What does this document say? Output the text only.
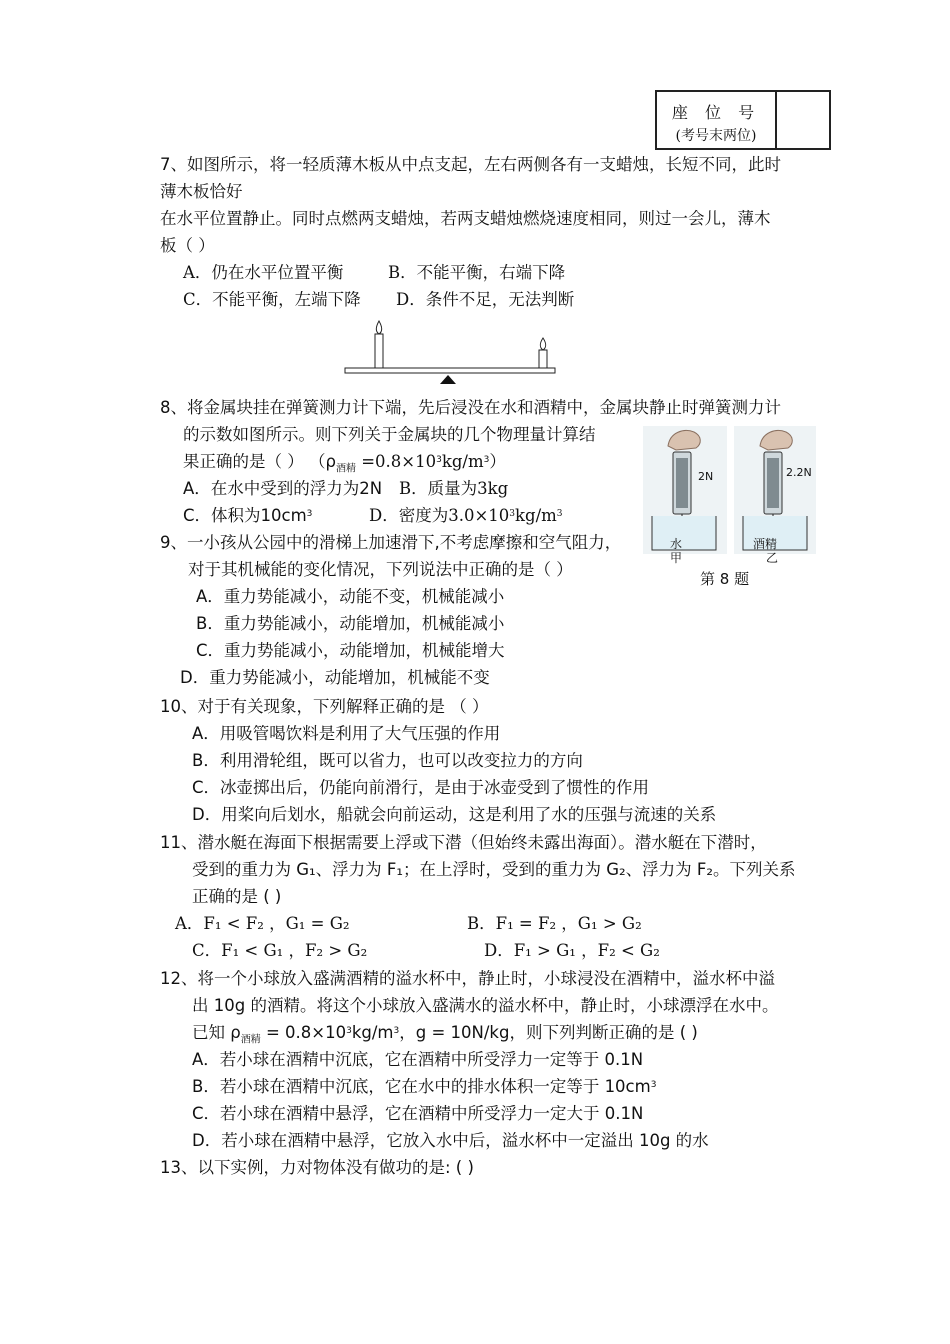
座 位 号
(考号末两位)
7、如图所示，将一轻质薄木板从中点支起，左右两侧各有一支蜡烛，长短不同，此时
薄木板恰好
在水平位置静止。同时点燃两支蜡烛，若两支蜡烛燃烧速度相同，则过一会儿，薄木
板（ ）
A．仍在水平位置平衡	B．不能平衡，右端下降
C．不能平衡，左端下降 D．条件不足，无法判断
8、将金属块挂在弹簧测力计下端，先后浸没在水和酒精中，金属块静止时弹簧测力计
的示数如图所示。则下列关于金属块的几个物理量计算结
果正确的是（ ） $(\rho_{酒精} =0.8\times 10^3kg/m^3)$
A．在水中受到的浮力为2N B．质量为3kg
C．体积为$10cm^3$	D．密度为$3.0\times 10^3kg/m^3$
2N
水
甲
2.2N
酒精
乙
第 8 题
9、一小孩从公园中的滑梯上加速滑下,不考虑摩擦和空气阻力，
对于其机械能的变化情况，下列说法中正确的是（ ）
A．重力势能减小，动能不变，机械能减小
B．重力势能减小，动能增加，机械能减小
C．重力势能减小，动能增加，机械能增大
D．重力势能减小，动能增加，机械能不变
10、对于有关现象，下列解释正确的是 （ ）
A．用吸管喝饮料是利用了大气压强的作用
B．利用滑轮组，既可以省力，也可以改变拉力的方向
C．冰壶掷出后，仍能向前滑行，是由于冰壶受到了惯性的作用
D．用桨向后划水，船就会向前运动，这是利用了水的压强与流速的关系
11、潜水艇在海面下根据需要上浮或下潜（但始终未露出海面）。潜水艇在下潜时，
受到的重力为 G₁、浮力为 F₁；在上浮时，受到的重力为 G₂、浮力为 F₂。下列关系
正确的是 ( )
A．F₁ < F₂ ，G₁ = G₂	B．F₁ = F₂ ，G₁ > G₂
C．F₁ < G₁ ，F₂ > G₂	D．F₁ > G₁ ，F₂ < G₂
12、将一个小球放入盛满酒精的溢水杯中，静止时，小球浸没在酒精中，溢水杯中溢
出 10g 的酒精。将这个小球放入盛满水的溢水杯中，静止时，小球漂浮在水中。
已知 $\rho_{酒精} = 0.8\times 10^3kg/m^3$，g = 10N/kg，则下列判断正确的是 ( )
A．若小球在酒精中沉底，它在酒精中所受浮力一定等于 0.1N
B．若小球在酒精中沉底，它在水中的排水体积一定等于 $10cm^3$
C．若小球在酒精中悬浮，它在酒精中所受浮力一定大于 0.1N
D．若小球在酒精中悬浮，它放入水中后，溢水杯中一定溢出 10g 的水
13、以下实例，力对物体没有做功的是: ( )
